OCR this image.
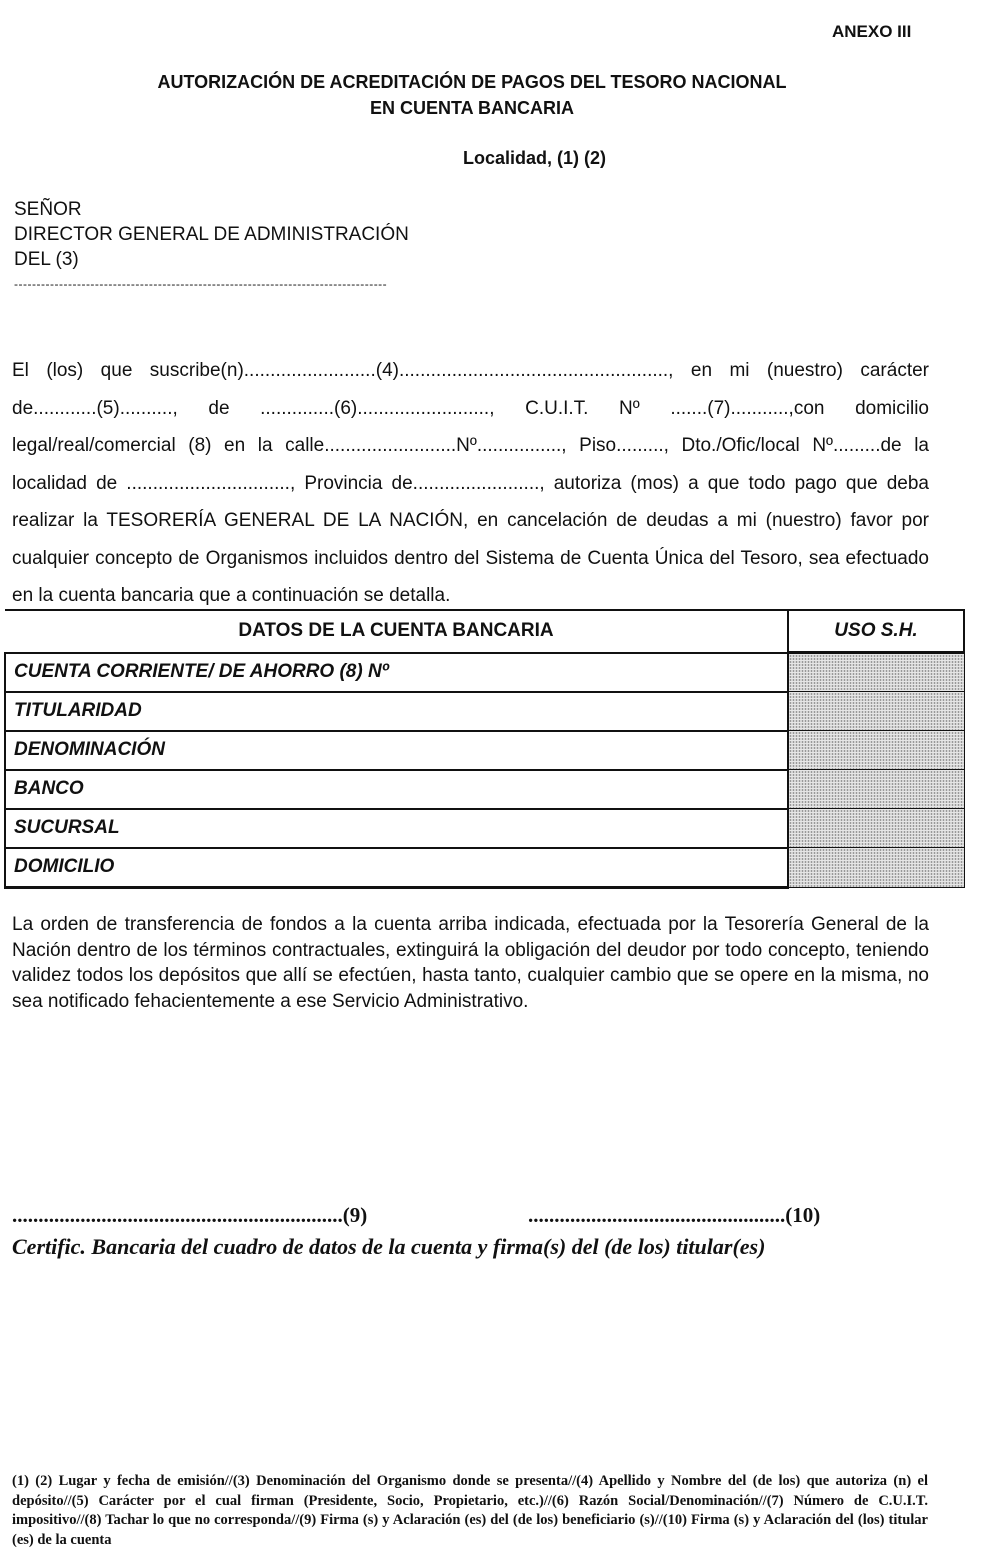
ANEXO III
AUTORIZACIÓN DE ACREDITACIÓN DE PAGOS DEL TESORO NACIONAL
EN CUENTA BANCARIA
Localidad, (1) (2)
SEÑOR
DIRECTOR GENERAL DE ADMINISTRACIÓN
DEL (3)
-----------------------------------------------------------------------------------

El (los) que suscribe(n).........................(4)..................................................., en mi (nuestro) carácter de............(5).........., de ..............(6)........................., C.U.I.T. Nº .......(7)...........,con domicilio legal/real/comercial (8) en la calle.........................Nº................, Piso........., Dto./Ofic/local Nº.........de la localidad de ..............................., Provincia de........................, autoriza (mos) a que todo pago que deba realizar la TESORERÍA GENERAL DE LA NACIÓN, en cancelación de deudas a mi (nuestro) favor por cualquier concepto de Organismos incluidos dentro del Sistema de Cuenta Única del Tesoro, sea efectuado en la cuenta bancaria que a continuación se detalla.

DATOS DE LA CUENTA BANCARIA	USO S.H.
CUENTA CORRIENTE/ DE AHORRO (8) Nº	
TITULARIDAD	
DENOMINACIÓN	
BANCO	
SUCURSAL	
DOMICILIO	
La orden de transferencia de fondos a la cuenta arriba indicada, efectuada por la Tesorería General de la Nación dentro de los términos contractuales, extinguirá la obligación del deudor por todo concepto, teniendo validez todos los depósitos que allí se efectúen, hasta tanto, cualquier cambio que se opere en la misma, no sea notificado fehacientemente a ese Servicio Administrativo.
...............................................................(9)	.................................................(10)
Certific. Bancaria del cuadro de datos de la cuenta y firma(s) del (de los) titular(es)
(1) (2) Lugar y fecha de emisión//(3) Denominación del Organismo donde se presenta//(4) Apellido y Nombre del (de los) que autoriza (n) el depósito//(5) Carácter por el cual firman (Presidente, Socio, Propietario, etc.)//(6) Razón Social/Denominación//(7) Número de C.U.I.T. impositivo//(8) Tachar lo que no corresponda//(9) Firma (s) y Aclaración (es) del (de los) beneficiario (s)//(10) Firma (s) y Aclaración del (los) titular (es) de la cuenta
